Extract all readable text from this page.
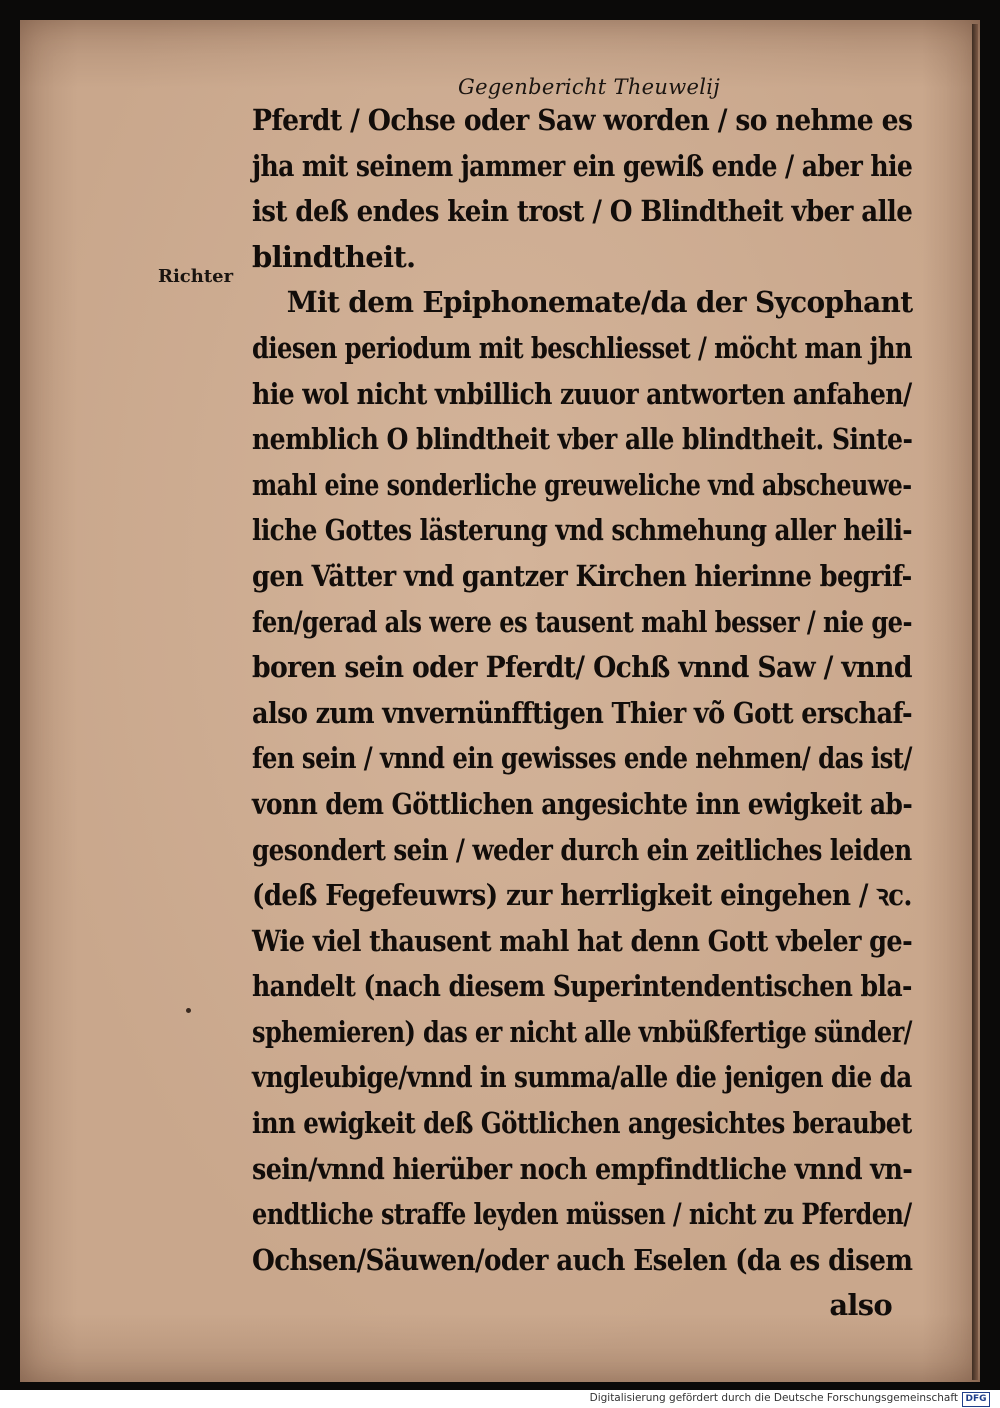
Gegenbericht Theuwelij
Richter
Pferdt / Ochse oder Saw worden / so nehme es
jha mit seinem jammer ein gewiß ende / aber hie
ist deß endes kein trost / O Blindtheit vber alle
blindtheit.
Mit dem Epiphonemate/da der Sycophant
diesen periodum mit beschliesset / möcht man jhn
hie wol nicht vnbillich zuuor antworten anfahen/
nemblich O blindtheit vber alle blindtheit. Sinte-
mahl eine sonderliche greuweliche vnd abscheuwe-
liche Gottes lästerung vnd schmehung aller heili-
gen Vätter vnd gantzer Kirchen hierinne begrif-
fen/gerad als were es tausent mahl besser / nie ge-
boren sein oder Pferdt/ Ochß vnnd Saw / vnnd
also zum vnvernünfftigen Thier võ Gott erschaf-
fen sein / vnnd ein gewisses ende nehmen/ das ist/
vonn dem Göttlichen angesichte inn ewigkeit ab-
gesondert sein / weder durch ein zeitliches leiden
(deß Fegefeuwrs) zur herrligkeit eingehen / ꝛc.
Wie viel thausent mahl hat denn Gott vbeler ge-
handelt (nach diesem Superintendentischen bla-
sphemieren) das er nicht alle vnbüßfertige sünder/
vngleubige/vnnd in summa/alle die jenigen die da
inn ewigkeit deß Göttlichen angesichtes beraubet
sein/vnnd hierüber noch empfindtliche vnnd vn-
endtliche straffe leyden müssen / nicht zu Pferden/
Ochsen/Säuwen/oder auch Eselen (da es disem
also
Digitalisierung gefördert durch die Deutsche Forschungsgemeinschaft DFG
